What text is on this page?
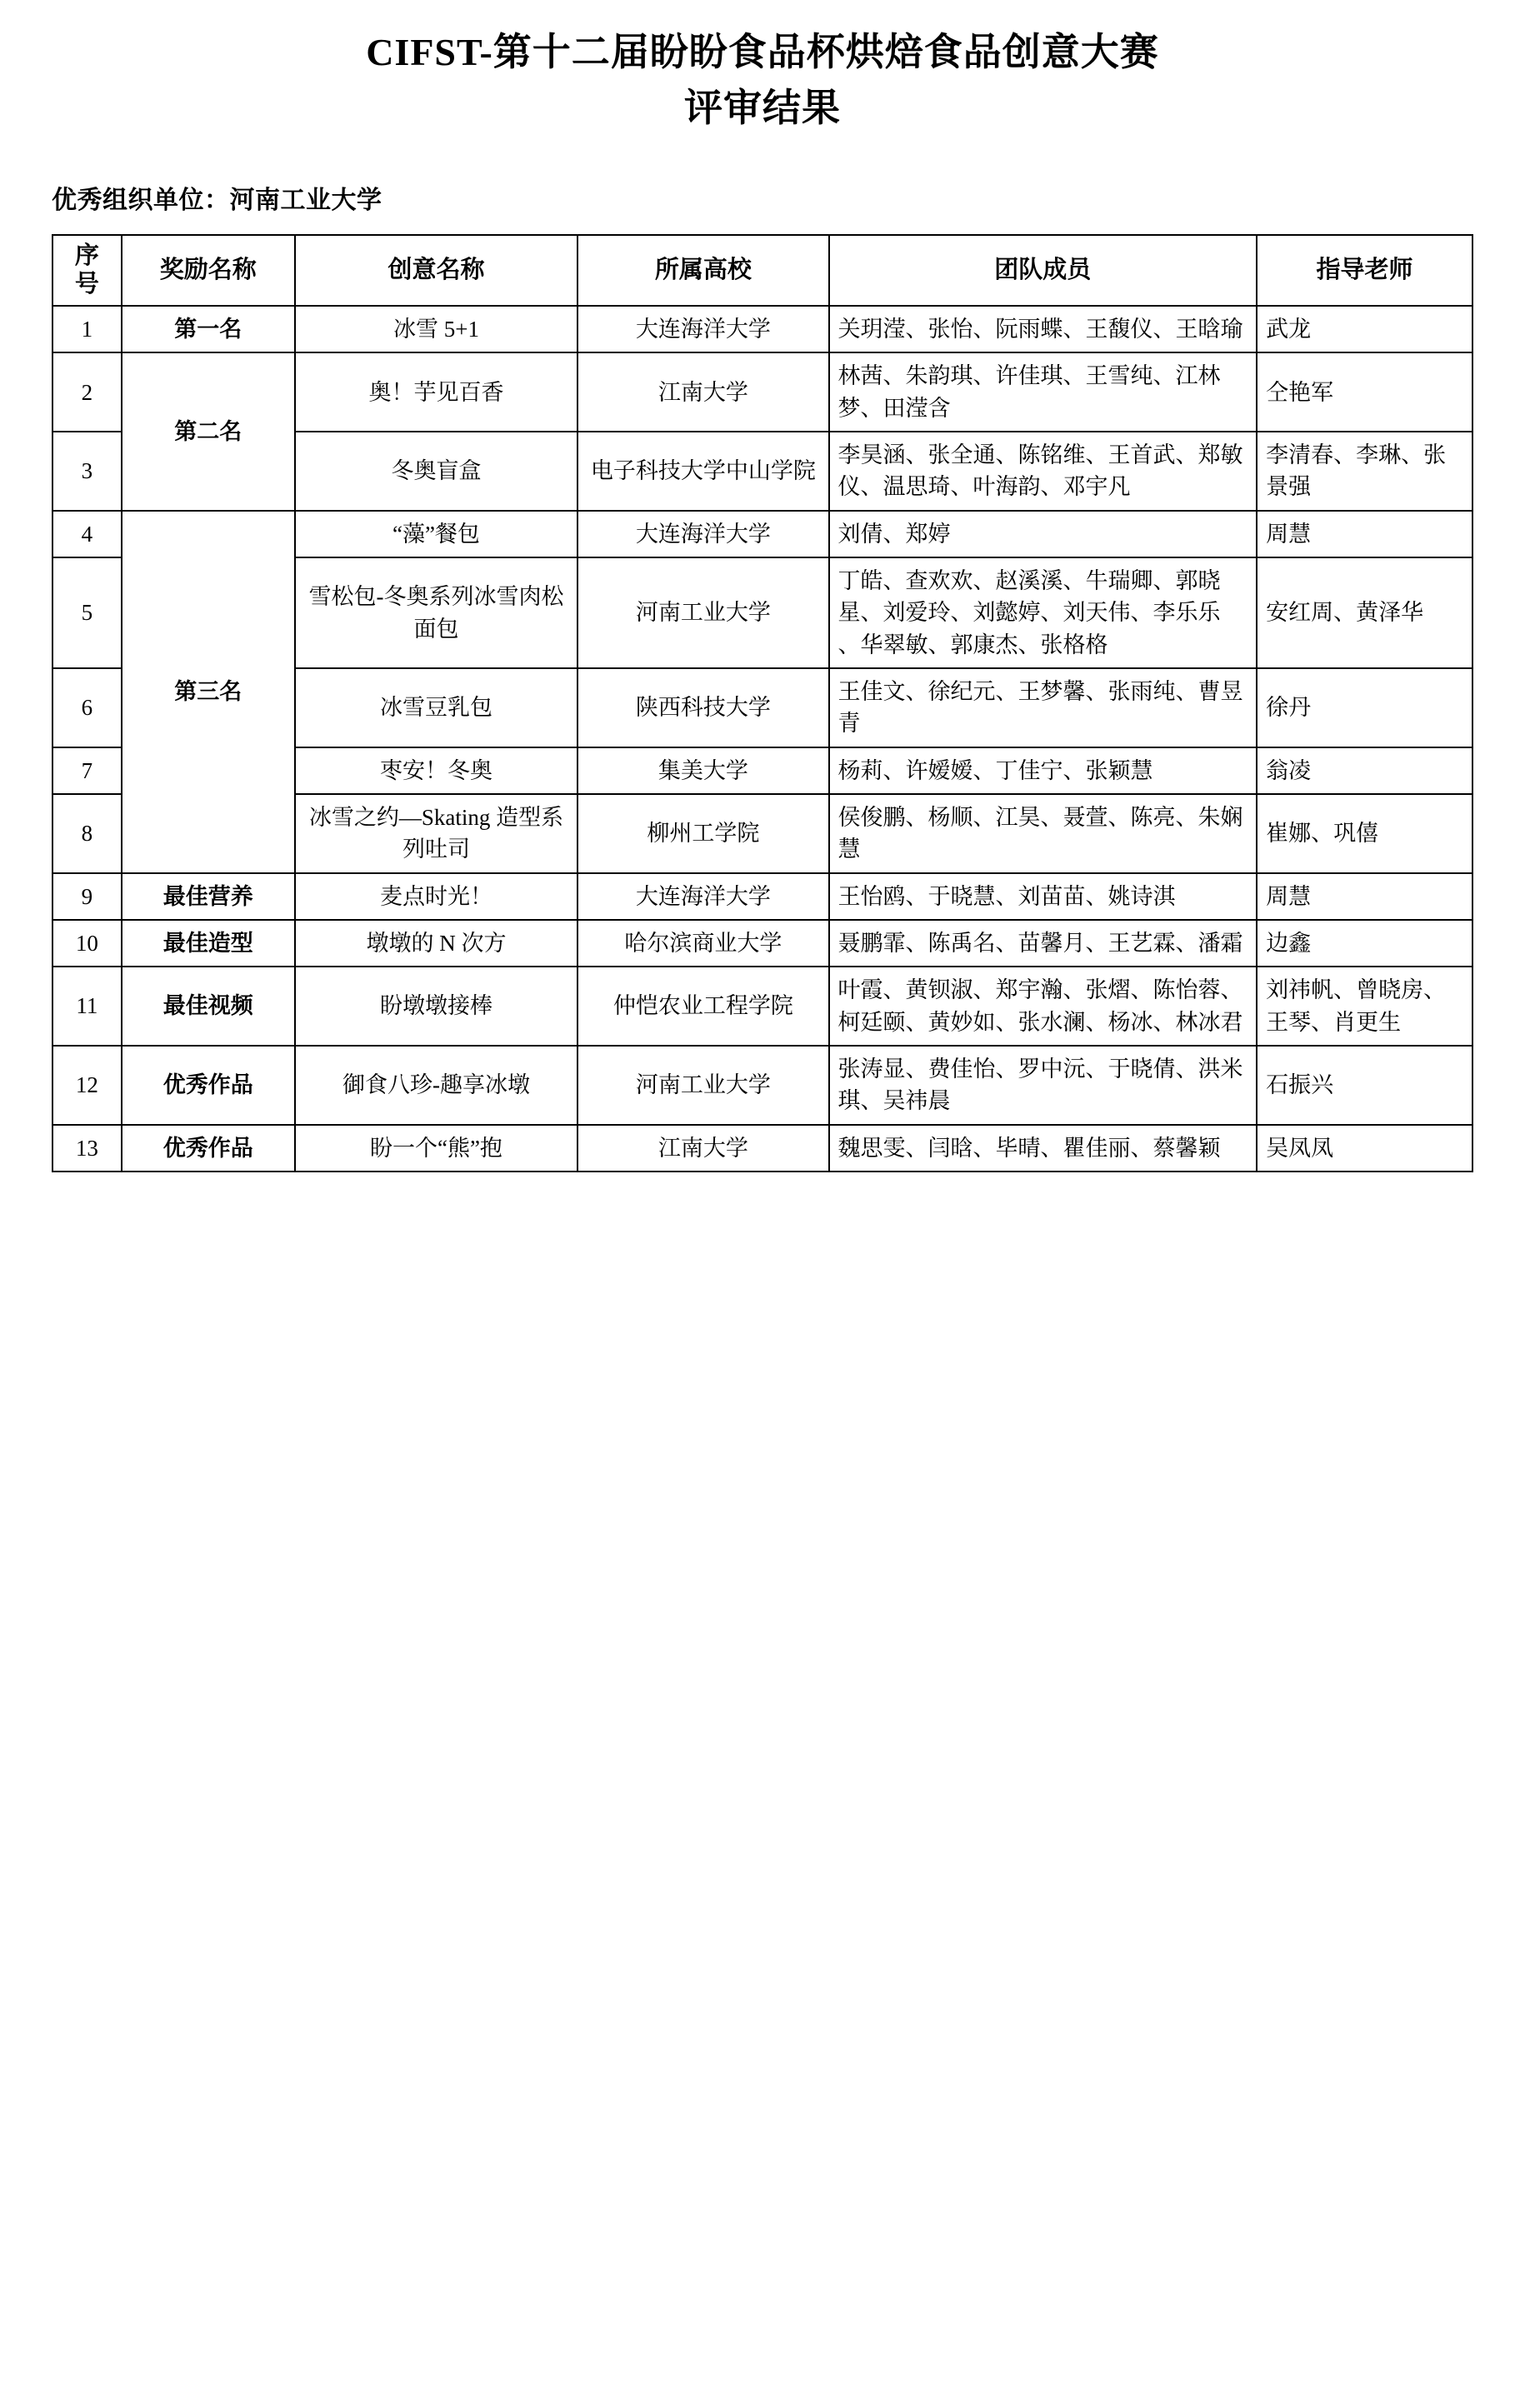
CIFST-第十二届盼盼食品杯烘焙食品创意大赛
评审结果
优秀组织单位：河南工业大学
序
号	奖励名称	创意名称	所属高校	团队成员	指导老师
1	第一名	冰雪 5+1	大连海洋大学	关玥滢、张怡、阮雨蝶、王馥仪、王晗瑜	武龙
2	第二名	奥！芋见百香	江南大学	林茜、朱韵琪、许佳琪、王雪纯、江林梦、田滢含	仝艳军
3		冬奥盲盒	电子科技大学中山学院	李昊涵、张全通、陈铭维、王首武、郑敏仪、温思琦、叶海韵、邓宇凡	李清春、李琳、张景强
4	第三名	“藻”餐包	大连海洋大学	刘倩、郑婷	周慧
5		雪松包-冬奥系列冰雪肉松面包	河南工业大学	丁皓、查欢欢、赵溪溪、牛瑞卿、郭晓星、刘爱玲、刘懿婷、刘天伟、李乐乐 、华翠敏、郭康杰、张格格	安红周、黄泽华
6		冰雪豆乳包	陕西科技大学	王佳文、徐纪元、王梦馨、张雨纯、曹昱青	徐丹
7		枣安！冬奥	集美大学	杨莉、许嫒嫒、丁佳宁、张颖慧	翁凌
8		冰雪之约—Skating 造型系列吐司	柳州工学院	侯俊鹏、杨顺、江昊、聂萱、陈亮、朱娴慧	崔娜、巩僖
9	最佳营养	麦点时光！	大连海洋大学	王怡鸥、于晓慧、刘苗苗、姚诗淇	周慧
10	最佳造型	墩墩的 N 次方	哈尔滨商业大学	聂鹏霏、陈禹名、苗馨月、王艺霖、潘霜	边鑫
11	最佳视频	盼墩墩接棒	仲恺农业工程学院	叶霞、黄钡淑、郑宇瀚、张熠、陈怡蓉、柯廷颐、黄妙如、张水澜、杨冰、林冰君	刘祎帆、曾晓房、王琴、肖更生
12	优秀作品	御食八珍-趣享冰墩	河南工业大学	张涛显、费佳怡、罗中沅、于晓倩、洪米琪、吴祎晨	石振兴
13	优秀作品	盼一个“熊”抱	江南大学	魏思雯、闫晗、毕晴、瞿佳丽、蔡馨颖	吴凤凤
